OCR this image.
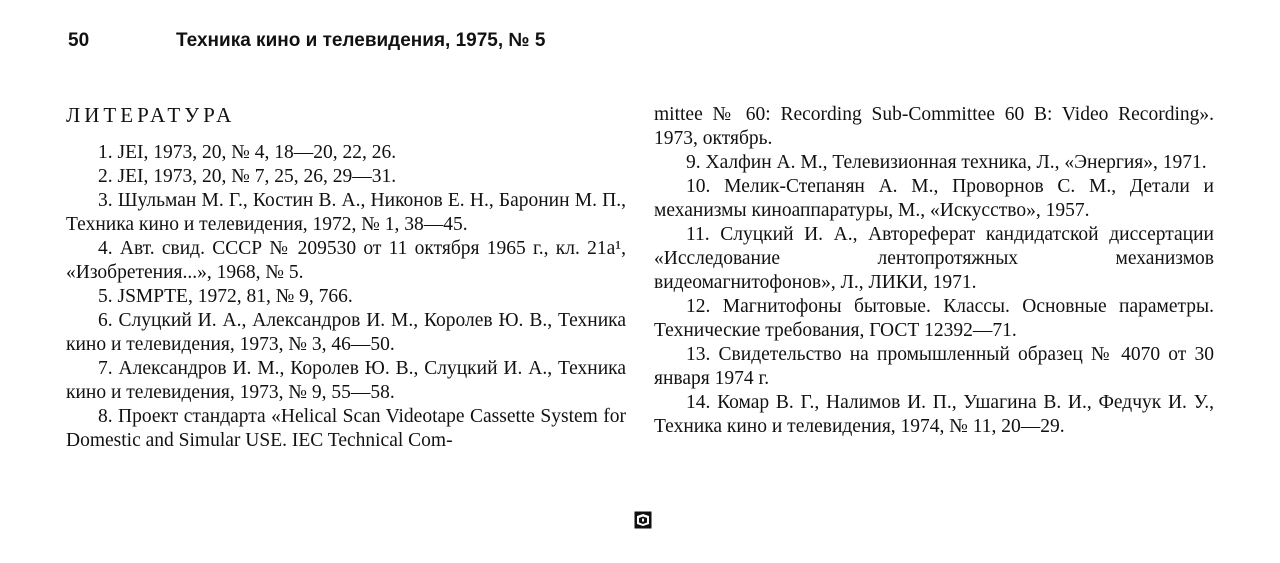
50	Техника кино и телевидения, 1975, № 5
ЛИТЕРАТУРА

1. JEI, 1973, 20, № 4, 18—20, 22, 26.

2. JEI, 1973, 20, № 7, 25, 26, 29—31.

3. Шульман М. Г., Костин В. А., Никонов Е. Н., Баронин М. П., Техника кино и телевидения, 1972, № 1, 38—45.

4. Авт. свид. СССР № 209530 от 11 октября 1965 г., кл. 21а¹, «Изобретения...», 1968, № 5.

5. JSMPTE, 1972, 81, № 9, 766.

6. Слуцкий И. А., Александров И. М., Королев Ю. В., Техника кино и телевидения, 1973, № 3, 46—50.

7. Александров И. М., Королев Ю. В., Слуцкий И. А., Техника кино и телевидения, 1973, № 9, 55—58.

8. Проект стандарта «Helical Scan Videotape Cassette System for Domestic and Simular USE. IEC Technical Com-

mittee № 60: Recording Sub-Committee 60 B: Video Recording». 1973, октябрь.

9. Халфин А. М., Телевизионная техника, Л., «Энергия», 1971.

10. Мелик-Степанян А. М., Проворнов С. М., Детали и механизмы киноаппаратуры, М., «Искусство», 1957.

11. Слуцкий И. А., Автореферат кандидатской диссертации «Исследование лентопротяжных механизмов видеомагнитофонов», Л., ЛИКИ, 1971.

12. Магнитофоны бытовые. Классы. Основные параметры. Технические требования, ГОСТ 12392—71.

13. Свидетельство на промышленный образец № 4070 от 30 января 1974 г.

14. Комар В. Г., Налимов И. П., Ушагина В. И., Федчук И. У., Техника кино и телевидения, 1974, № 11, 20—29.
